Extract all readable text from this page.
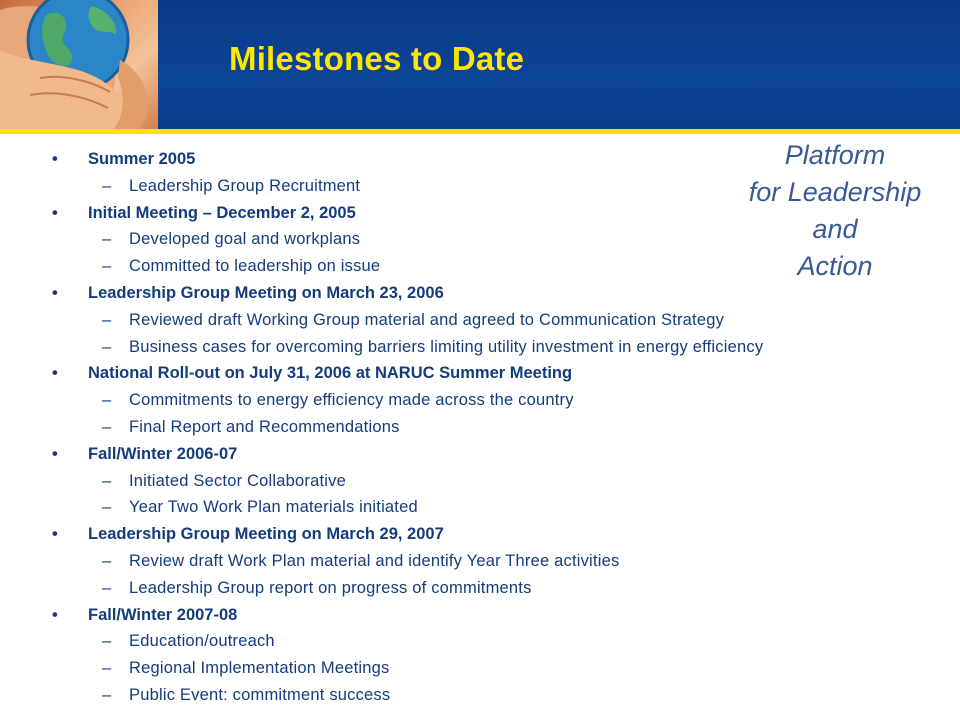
Milestones to Date
Platform
for Leadership
and
Action
• Summer 2005
– Leadership Group Recruitment
• Initial Meeting – December 2, 2005
– Developed goal and workplans
– Committed to leadership on issue
• Leadership Group Meeting on March 23, 2006
– Reviewed draft Working Group material and agreed to Communication Strategy
– Business cases for overcoming barriers limiting utility investment in energy efficiency
• National Roll-out on July 31, 2006 at NARUC Summer Meeting
– Commitments to energy efficiency made across the country
– Final Report and Recommendations
• Fall/Winter 2006-07
– Initiated Sector Collaborative
– Year Two Work Plan materials initiated
• Leadership Group Meeting on March 29, 2007
– Review draft Work Plan material and identify Year Three activities
– Leadership Group report on progress of commitments
• Fall/Winter 2007-08
– Education/outreach
– Regional Implementation Meetings
– Public Event: commitment success
